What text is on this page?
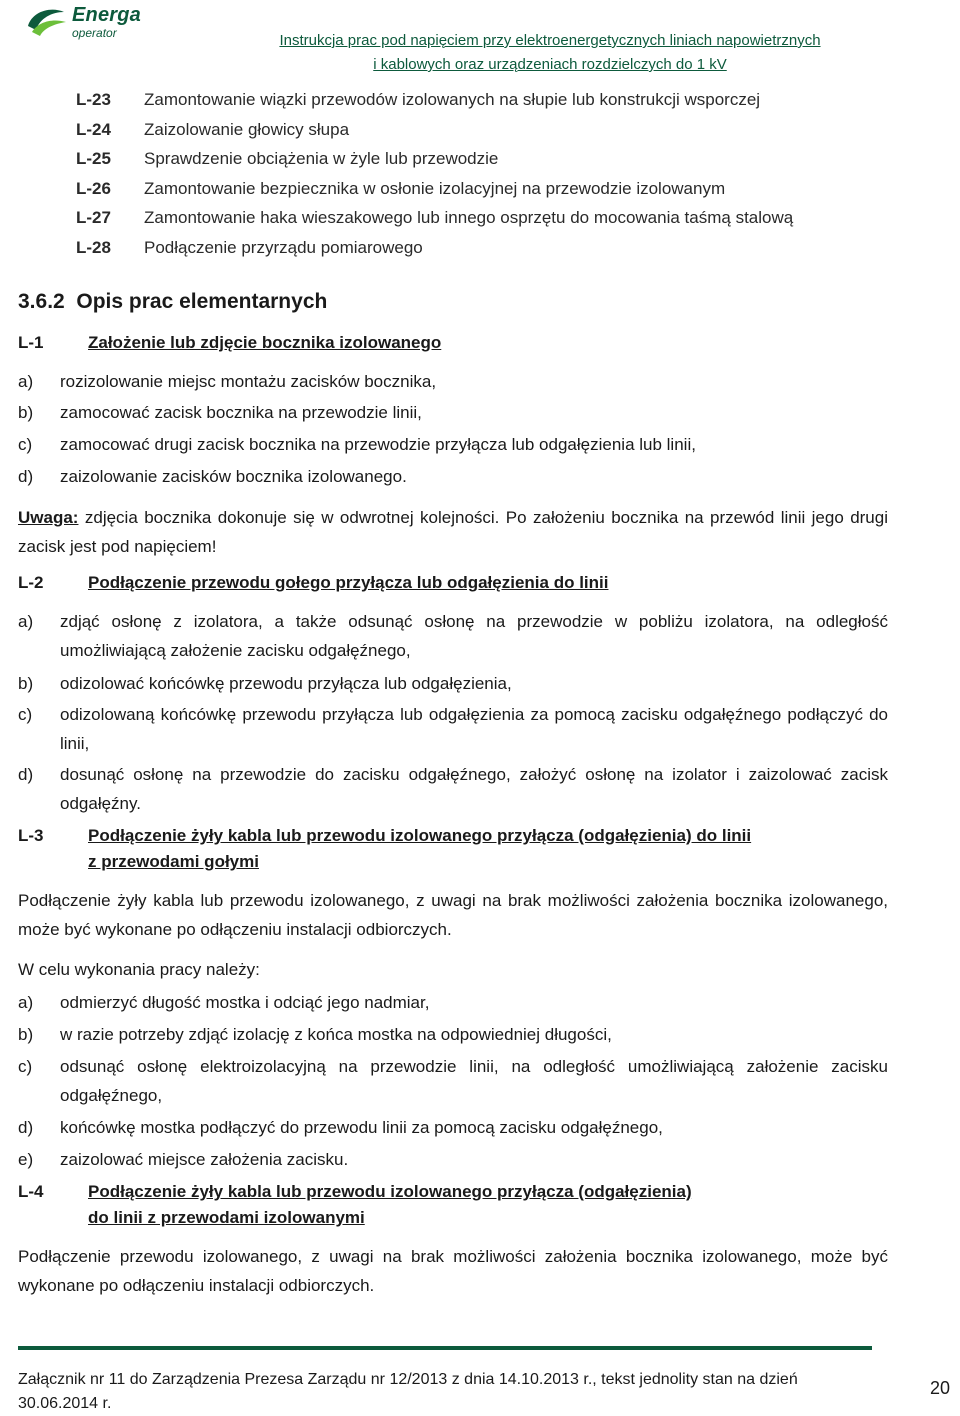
Energa
operator	Instrukcja prac pod napięciem przy elektroenergetycznych liniach napowietrznych
i kablowych oraz urządzeniach rozdzielczych do 1 kV
L-23 Zamontowanie wiązki przewodów izolowanych na słupie lub konstrukcji wsporczej
L-24 Zaizolowanie głowicy słupa
L-25 Sprawdzenie obciążenia w żyle lub przewodzie
L-26 Zamontowanie bezpiecznika w osłonie izolacyjnej na przewodzie izolowanym
L-27 Zamontowanie haka wieszakowego lub innego osprzętu do mocowania taśmą stalową
L-28 Podłączenie przyrządu pomiarowego
3.6.2 Opis prac elementarnych
L-1	Założenie lub zdjęcie bocznika izolowanego
a) rozizolowanie miejsc montażu zacisków bocznika,
b) zamocować zacisk bocznika na przewodzie linii,
c) zamocować drugi zacisk bocznika na przewodzie przyłącza lub odgałęzienia lub linii,
d) zaizolowanie zacisków bocznika izolowanego.
Uwaga: zdjęcia bocznika dokonuje się w odwrotnej kolejności. Po założeniu bocznika na przewód linii jego drugi zacisk jest pod napięciem!
L-2	Podłączenie przewodu gołego przyłącza lub odgałęzienia do linii
a) zdjąć osłonę z izolatora, a także odsunąć osłonę na przewodzie w pobliżu izolatora, na odległość umożliwiającą założenie zacisku odgałęźnego,
b) odizolować końcówkę przewodu przyłącza lub odgałęzienia,
c) odizolowaną końcówkę przewodu przyłącza lub odgałęzienia za pomocą zacisku odgałęźnego podłączyć do linii,
d) dosunąć osłonę na przewodzie do zacisku odgałęźnego, założyć osłonę na izolator i zaizolować zacisk odgałęźny.
L-3	Podłączenie żyły kabla lub przewodu izolowanego przyłącza (odgałęzienia) do linii
z przewodami gołymi
Podłączenie żyły kabla lub przewodu izolowanego, z uwagi na brak możliwości założenia bocznika izolowanego, może być wykonane po odłączeniu instalacji odbiorczych.
W celu wykonania pracy należy:
a) odmierzyć długość mostka i odciąć jego nadmiar,
b) w razie potrzeby zdjąć izolację z końca mostka na odpowiedniej długości,
c) odsunąć osłonę elektroizolacyjną na przewodzie linii, na odległość umożliwiającą założenie zacisku odgałęźnego,
d) końcówkę mostka podłączyć do przewodu linii za pomocą zacisku odgałęźnego,
e) zaizolować miejsce założenia zacisku.
L-4	Podłączenie żyły kabla lub przewodu izolowanego przyłącza (odgałęzienia)
do linii z przewodami izolowanymi
Podłączenie przewodu izolowanego, z uwagi na brak możliwości założenia bocznika izolowanego, może być wykonane po odłączeniu instalacji odbiorczych.
Załącznik nr 11 do Zarządzenia Prezesa Zarządu nr 12/2013 z dnia 14.10.2013 r., tekst jednolity stan na dzień
30.06.2014 r.
20
